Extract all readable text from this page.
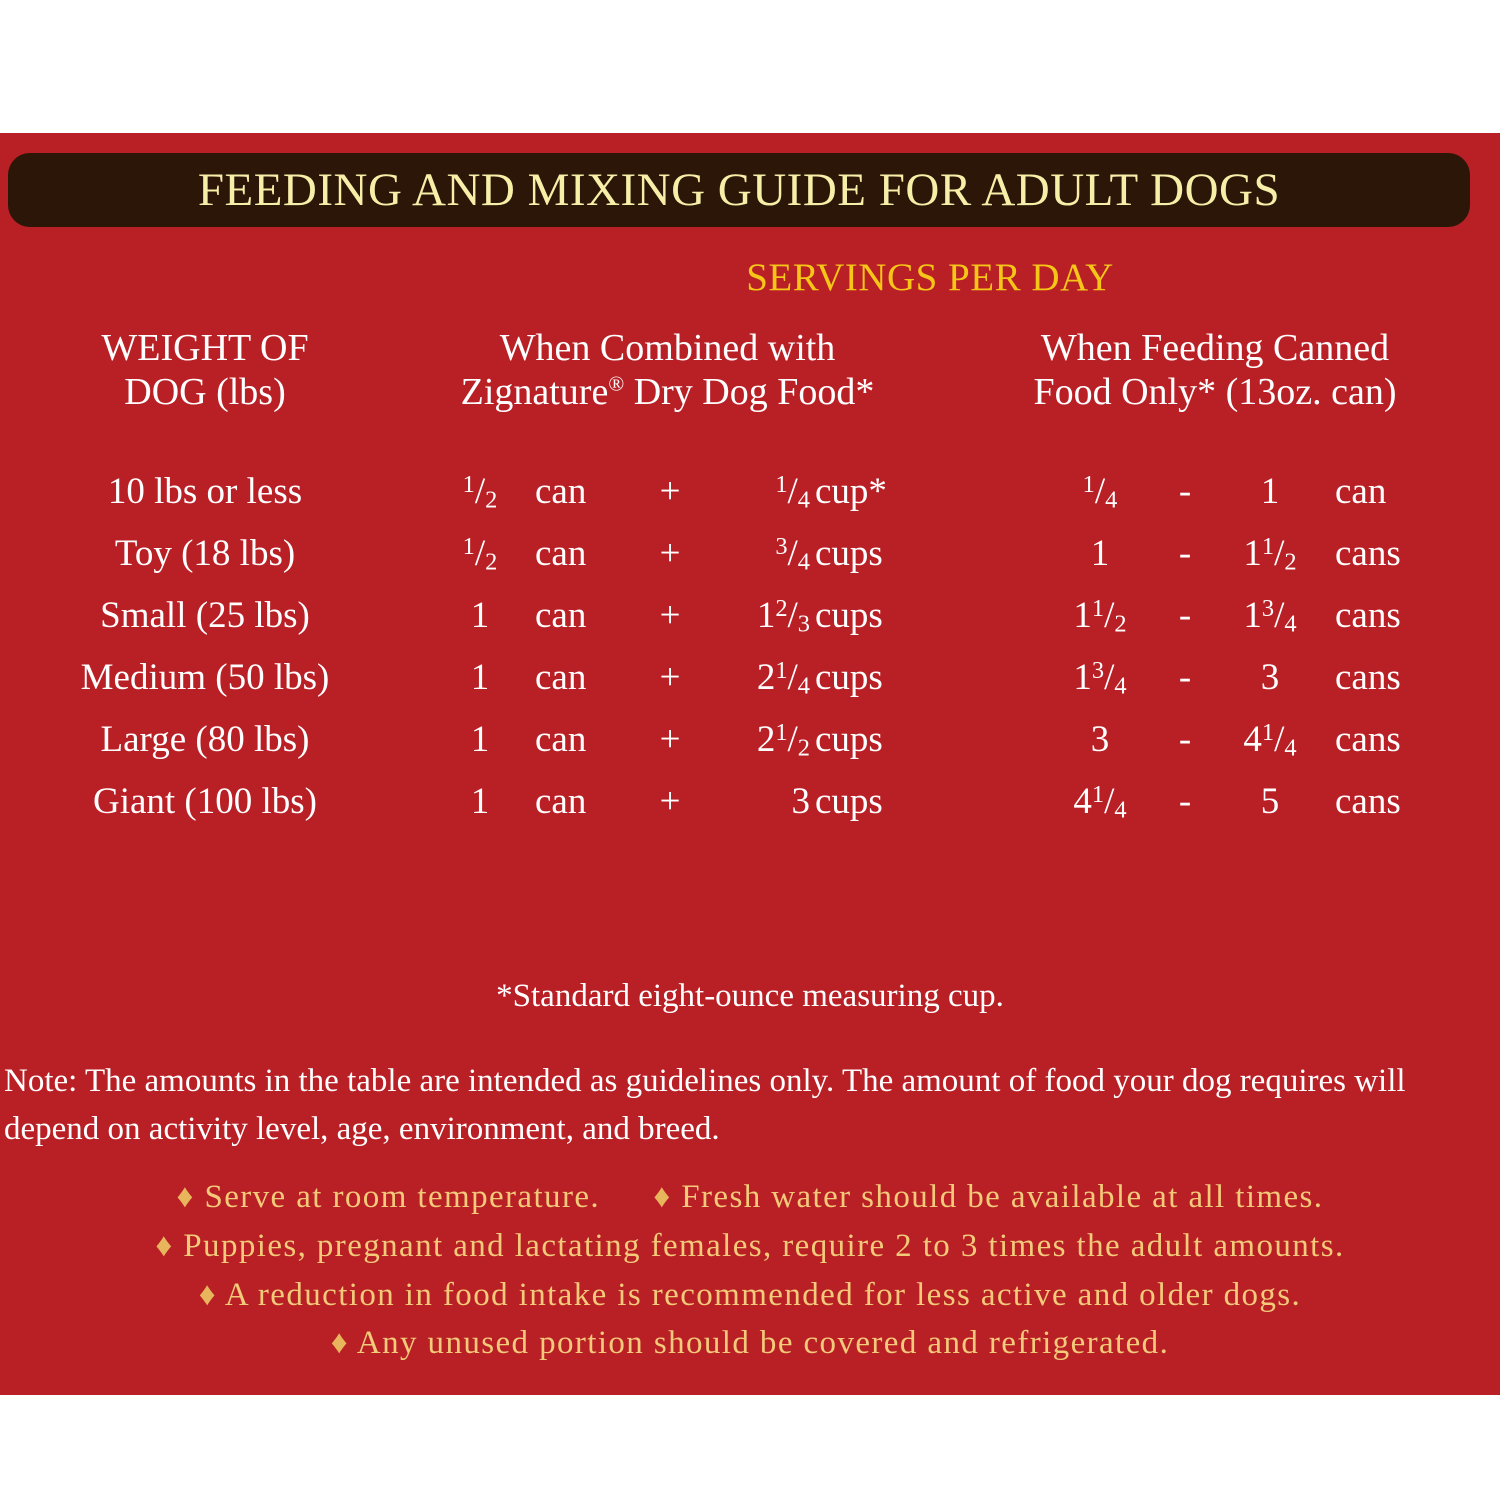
FEEDING AND MIXING GUIDE FOR ADULT DOGS
SERVINGS PER DAY
WEIGHT OF
DOG (lbs)
When Combined with
Zignature® Dry Dog Food*
When Feeding Canned
Food Only* (13oz. can)
10 lbs or less	$^1$/2	can	+	$^1$/4 cup*	$^1$/4	-	1	can
Toy (18 lbs)	$^1$/2	can	+	$^3$/4 cups	1	-	$1^1/2$	cans
Small (25 lbs)	1	can	+	$1^2/3$ cups	$1^1/2$	-	$1^3/4$	cans
Medium (50 lbs)	1	can	+	$2^1/4$ cups	$1^3/4$	-	3	cans
Large (80 lbs)	1	can	+	$2^1/2$ cups	3	-	$4^1/4$	cans
Giant (100 lbs)	1	can	+	3 cups	$4^1/4$	-	5	cans
*Standard eight-ounce measuring cup.
Note: The amounts in the table are intended as guidelines only. The amount of food your dog requires will depend on activity level, age, environment, and breed.
♦ Serve at room temperature. ♦ Fresh water should be available at all times.
♦ Puppies, pregnant and lactating females, require 2 to 3 times the adult amounts.
♦ A reduction in food intake is recommended for less active and older dogs.
♦ Any unused portion should be covered and refrigerated.
